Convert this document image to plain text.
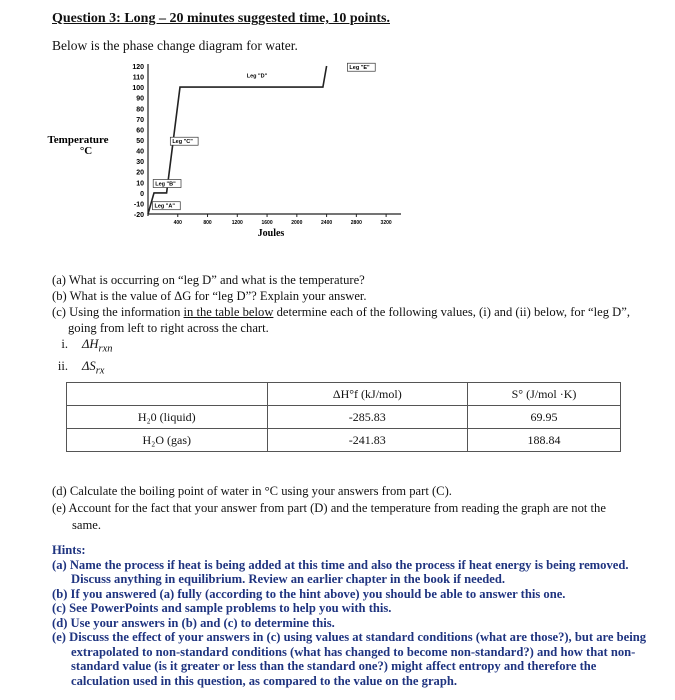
Question 3: Long – 20 minutes suggested time, 10 points.
Below is the phase change diagram for water.
120
110
100
90
80
70
60
50
40
30
20
10
0
-10
-20
400	800	1200	1600	2000	2400	2800	3200
Leg "A"
Leg "B"
Leg "C"
Leg "D"
Leg "E"
Temperature
°C
Joules

(a) What is occurring on “leg D” and what is the temperature?

(b) What is the value of ΔG for “leg D”? Explain your answer.

(c) Using the information in the table below determine each of the following values, (i) and (ii) below, for “leg D”,

going from left to right across the chart.

i.	$\Delta H_{rxn}$
ii.	$\Delta S_{rx}$
	ΔH°f (kJ/mol)	S° (J/mol ·K)
H₂0 (liquid)	-285.83	69.95
H₂O (gas)	-241.83	188.84

(d) Calculate the boiling point of water in °C using your answers from part (C).

(e) Account for the fact that your answer from part (D) and the temperature from reading the graph are not the

same.

Hints:

(a) Name the process if heat is being added at this time and also the process if heat energy is being removed. Discuss anything in equilibrium. Review an earlier chapter in the book if needed.

(b) If you answered (a) fully (according to the hint above) you should be able to answer this one.

(c) See PowerPoints and sample problems to help you with this.

(d) Use your answers in (b) and (c) to determine this.

(e) Discuss the effect of your answers in (c) using values at standard conditions (what are those?), but are being extrapolated to non-standard conditions (what has changed to become non-standard?) and how that non-standard value (is it greater or less than the standard one?) might affect entropy and therefore the calculation used in this question, as compared to the value on the graph.
